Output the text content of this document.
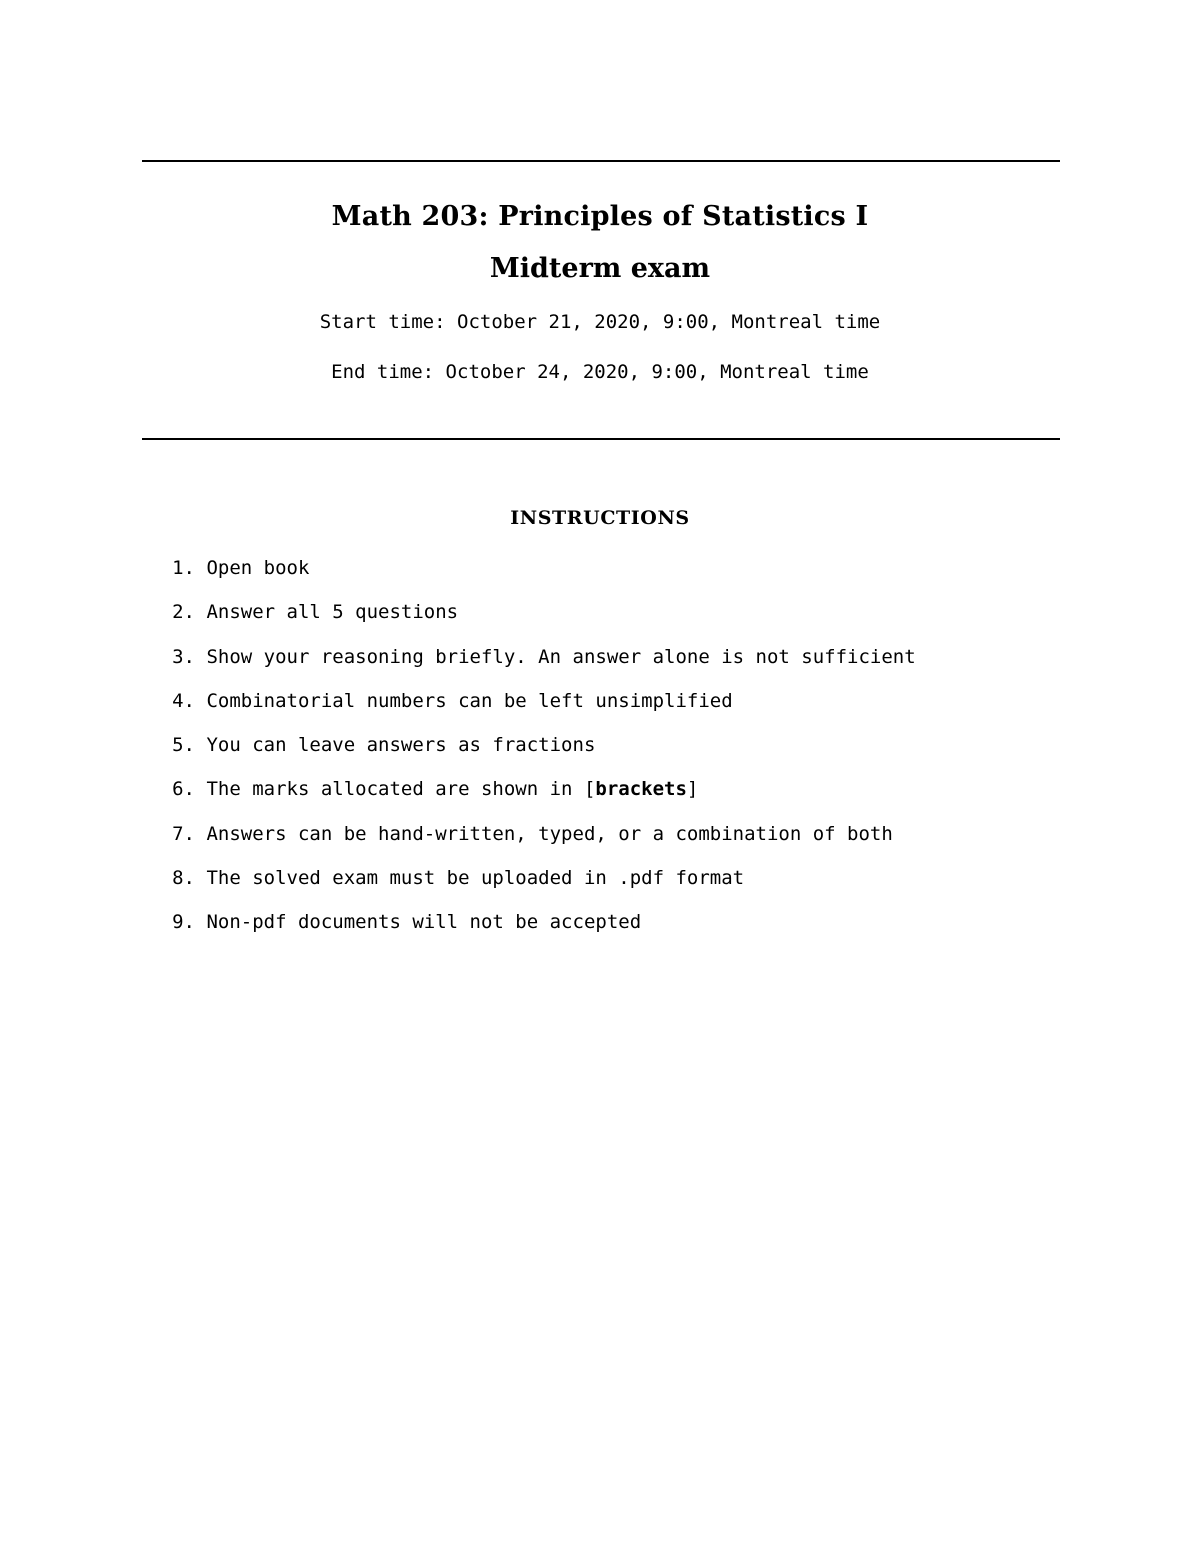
Math 203: Principles of Statistics I
Midterm exam
Start time: October 21, 2020, 9:00, Montreal time
End time: October 24, 2020, 9:00, Montreal time
INSTRUCTIONS
1. Open book
2. Answer all 5 questions
3. Show your reasoning briefly. An answer alone is not sufficient
4. Combinatorial numbers can be left unsimplified
5. You can leave answers as fractions
6. The marks allocated are shown in [brackets]
7. Answers can be hand-written, typed, or a combination of both
8. The solved exam must be uploaded in .pdf format
9. Non-pdf documents will not be accepted
